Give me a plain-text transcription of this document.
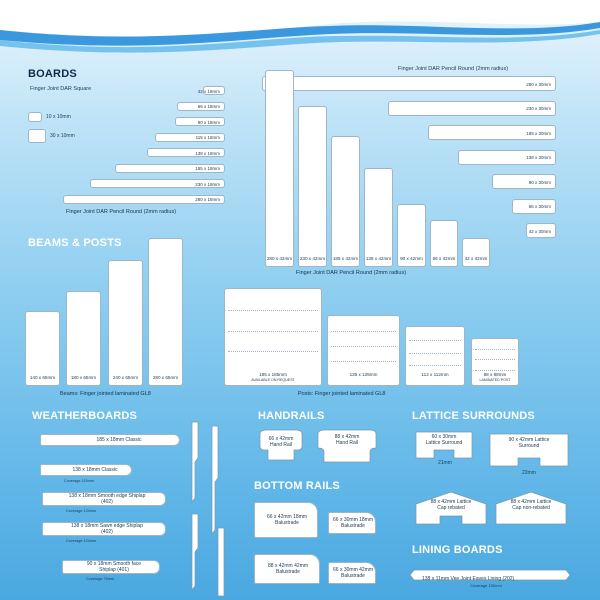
BOARDS
Finger Joint DAR Square
10 x 10mm
30 x 10mm
Finger Joint DAR Pencil Round (2mm radius)
Finger Joint DAR Pencil Round (2mm radius)
Finger Joint DAR Pencil Round (2mm radius)
BEAMS & POSTS
Beams: Finger jointed laminated GL8	Posts: Finger jointed laminated GL8
WEATHERBOARDS	HANDRAILS
66 x 42mm Hand Rail
88 x 42mm Hand Rail
BOTTOM RAILS
LATTICE SURROUNDS
60 x 30mm Lattice Surround
21mm
90 x 42mm Lattice Surround
22mm
88 x 42mm Lattice Cap rebated
88 x 42mm Lattice Cap non-rebated
LINING BOARDS
138 x 11mm Vee Joint Eaves Lining (202)
Coverage 130mm
42 x 18mm
66 x 18mm
90 x 18mm
115 x 18mm
138 x 18mm
185 x 18mm
230 x 18mm
280 x 18mm
280 x 30mm
230 x 30mm
185 x 30mm
138 x 30mm
90 x 30mm
66 x 30mm
42 x 30mm
280 x 42mm 230 x 42mm 185 x 42mm 138 x 42mm	90 x 42mm	66 x 42mm	42 x 42mm
140 x 65mm	180 x 65mm	240 x 65mm	280 x 65mm
185 x 185mm
AVAILABLE ON REQUEST
135 x 135mm	112 x 112mm	88 x 88mm
LAMINATED POST
185 x 18mm Classic
138 x 18mm Classic
Coverage 115mm
138 x 18mm Smooth edge Shiplap (402)
Coverage 124mm
138 x 18mm Sawn edge Shiplap (402)
Coverage 124mm
90 x 18mm Smooth face Shiplap (401)
Coverage 75mm
66 x 42mm 18mm Balustrade	66 x 30mm 18mm Balustrade
88 x 42mm 42mm Balustrade	66 x 30mm 42mm Balustrade
